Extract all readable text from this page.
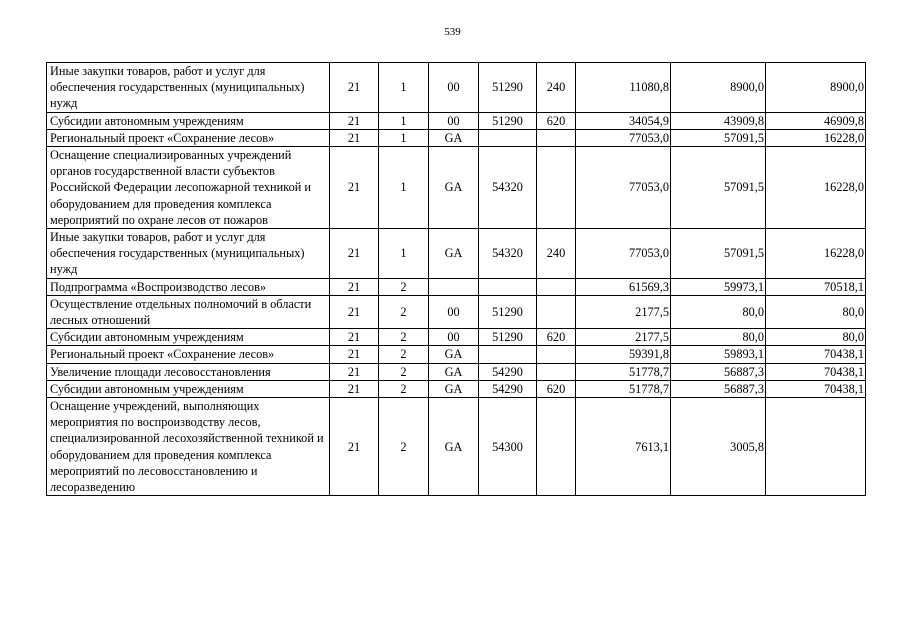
539
Иные закупки товаров, работ и услуг для обеспечения государственных (муниципальных) нужд	21	1	00	51290	240	11080,8	8900,0	8900,0
Субсидии автономным учреждениям	21	1	00	51290	620	34054,9	43909,8	46909,8
Региональный проект «Сохранение лесов»	21	1	GA			77053,0	57091,5	16228,0
Оснащение специализированных учреждений органов государственной власти субъектов Российской Федерации лесопожарной техникой и оборудованием для проведения комплекса мероприятий по охране лесов от пожаров	21	1	GA	54320		77053,0	57091,5	16228,0
Иные закупки товаров, работ и услуг для обеспечения государственных (муниципальных) нужд	21	1	GA	54320	240	77053,0	57091,5	16228,0
Подпрограмма «Воспроизводство лесов»	21	2				61569,3	59973,1	70518,1
Осуществление отдельных полномочий в области лесных отношений	21	2	00	51290		2177,5	80,0	80,0
Субсидии автономным учреждениям	21	2	00	51290	620	2177,5	80,0	80,0
Региональный проект «Сохранение лесов»	21	2	GA			59391,8	59893,1	70438,1
Увеличение площади лесовосстановления	21	2	GA	54290		51778,7	56887,3	70438,1
Субсидии автономным учреждениям	21	2	GA	54290	620	51778,7	56887,3	70438,1
Оснащение учреждений, выполняющих мероприятия по воспроизводству лесов, специализированной лесохозяйственной техникой и оборудованием для проведения комплекса мероприятий по лесовосстановлению и лесоразведению	21	2	GA	54300		7613,1	3005,8	
